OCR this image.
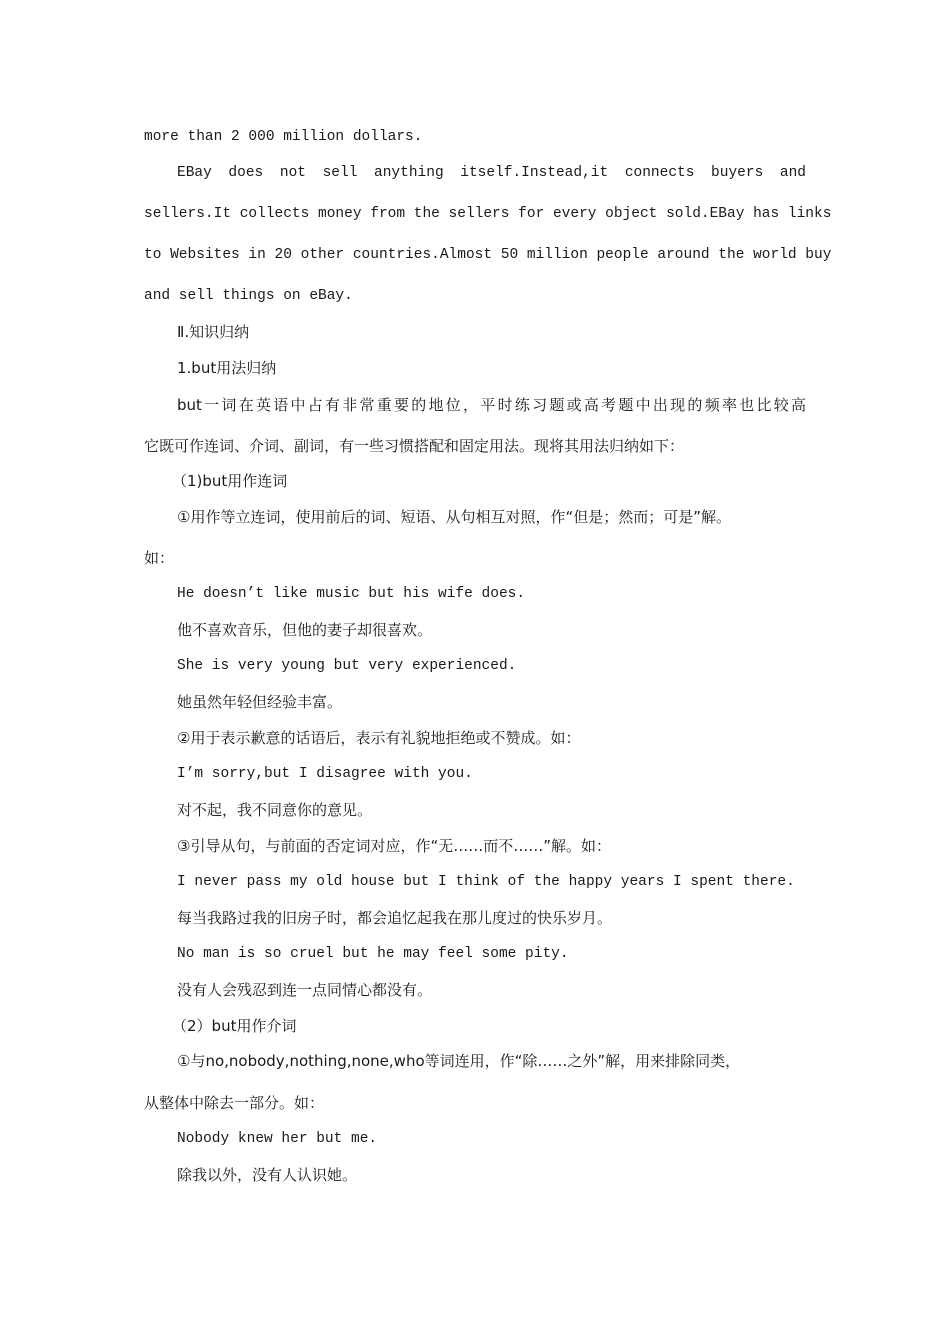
more than 2 000 million dollars.
EBay does not sell anything itself.Instead,it connects buyers and
sellers.It collects money from the sellers for every object sold.EBay has links
to Websites in 20 other countries.Almost 50 million people around the world buy
and sell things on eBay.
Ⅱ.知识归纳
1.but用法归纳
but一词在英语中占有非常重要的地位，平时练习题或高考题中出现的频率也比较高
它既可作连词、介词、副词，有一些习惯搭配和固定用法。现将其用法归纳如下：
（1)but用作连词
①用作等立连词，使用前后的词、短语、从句相互对照，作“但是；然而；可是”解。
如：
He doesn’t like music but his wife does.
他不喜欢音乐，但他的妻子却很喜欢。
She is very young but very experienced.
她虽然年轻但经验丰富。
②用于表示歉意的话语后，表示有礼貌地拒绝或不赞成。如：
I’m sorry,but I disagree with you.
对不起，我不同意你的意见。
③引导从句，与前面的否定词对应，作“无……而不……”解。如：
I never pass my old house but I think of the happy years I spent there.
每当我路过我的旧房子时，都会追忆起我在那儿度过的快乐岁月。
No man is so cruel but he may feel some pity.
没有人会残忍到连一点同情心都没有。
（2）but用作介词
①与no,nobody,nothing,none,who等词连用，作“除……之外”解，用来排除同类，
从整体中除去一部分。如：
Nobody knew her but me.
除我以外，没有人认识她。
